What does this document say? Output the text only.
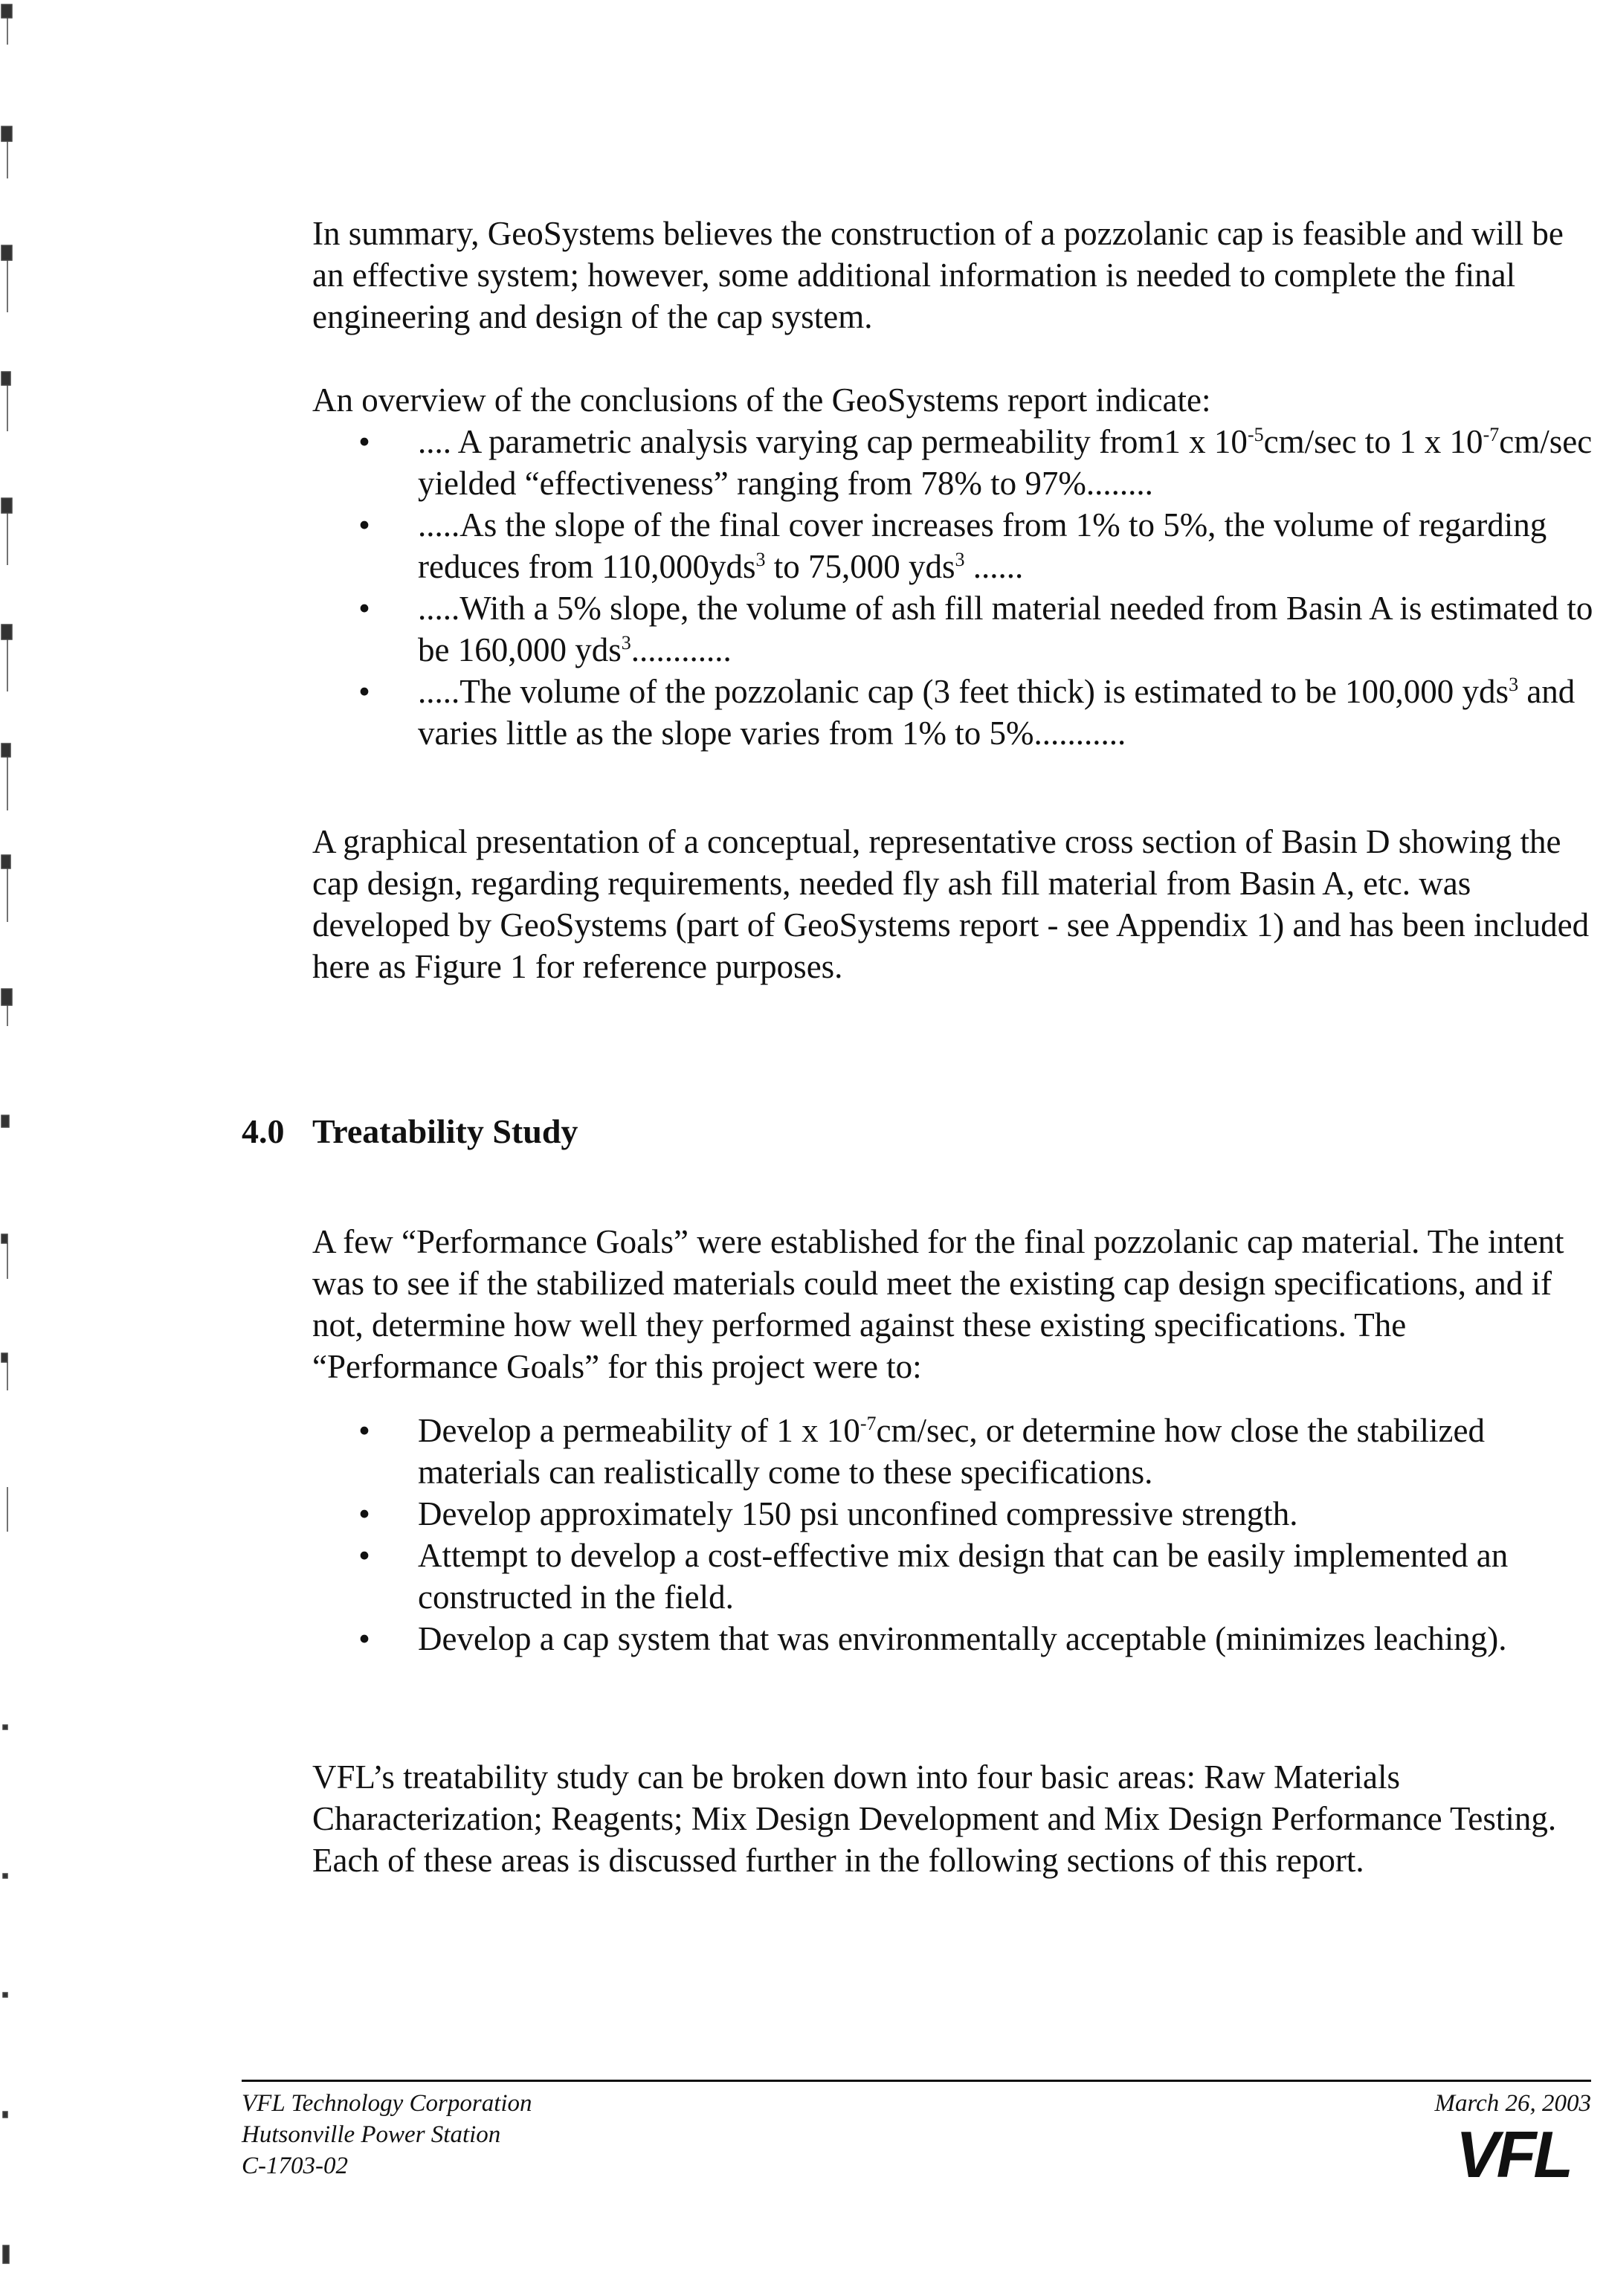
In summary, GeoSystems believes the construction of a pozzolanic cap is feasible and will be an effective system; however, some additional information is needed to complete the final engineering and design of the cap system.

An overview of the conclusions of the GeoSystems report indicate:

• .... A parametric analysis varying cap permeability from1 x $10^{-5}cm/\sec$ to 1 x $10^{-7}cm/\sec$ yielded “effectiveness” ranging from 78% to 97%........
• .....As the slope of the final cover increases from 1% to 5%, the volume of regarding reduces from 110,000yds$^3$ to 75,000 yds$^3$ ......
• .....With a 5% slope, the volume of ash fill material needed from Basin A is estimated to be 160,000 yds$^3$............
• .....The volume of the pozzolanic cap (3 feet thick) is estimated to be 100,000 yds$^3$ and varies little as the slope varies from 1% to 5%...........

A graphical presentation of a conceptual, representative cross section of Basin D showing the cap design, regarding requirements, needed fly ash fill material from Basin A, etc. was developed by GeoSystems (part of GeoSystems report - see Appendix 1) and has been included here as Figure 1 for reference purposes.

4.0 Treatability Study

A few “Performance Goals” were established for the final pozzolanic cap material. The intent was to see if the stabilized materials could meet the existing cap design specifications, and if not, determine how well they performed against these existing specifications. The “Performance Goals” for this project were to:

• Develop a permeability of 1 x $10^{-7}cm/\sec$, or determine how close the stabilized materials can realistically come to these specifications.
• Develop approximately 150 psi unconfined compressive strength.
• Attempt to develop a cost-effective mix design that can be easily implemented an constructed in the field.
• Develop a cap system that was environmentally acceptable (minimizes leaching).

VFL’s treatability study can be broken down into four basic areas: Raw Materials Characterization; Reagents; Mix Design Development and Mix Design Performance Testing. Each of these areas is discussed further in the following sections of this report.

VFL Technology Corporation
Hutsonville Power Station
C-1703-02
March 26, 2003
VFL
